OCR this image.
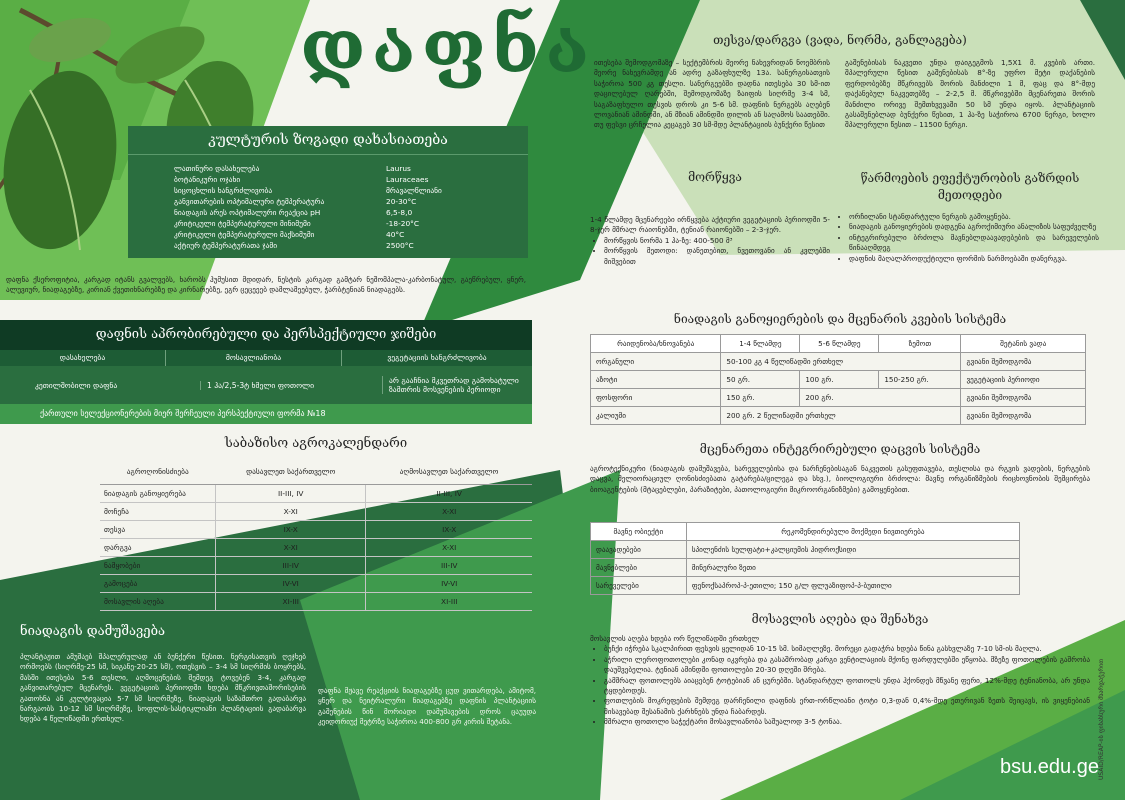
დაფნა
კულტურის ზოგადი დახასიათება
ლათინური დასახელება	Laurus
ბოტანიკური ოჯახი	Lauraceaes
სიცოცხლის ხანგრძლივობა	მრავალწლიანი
განვითარების ოპტიმალური ტემპერატურა	20-30°C
ნიადაგის არეს ოპტიმალური რეაქცია pH	6,5-8,0
კრიტიკული ტემპერატურული მინიმუმი	-18-20°C
კრიტიკული ტემპერატურული მაქსიმუმი	40°C
აქტიურ ტემპერატურათა ჯამი	2500°C
დაფნა ქსეროფიტია, კარგად იტანს გვალვებს, ხარობს ჰუმუსით მდიდარ, ნესტის კარგად გამტარ ნეშომპალა-კარბონატულ, გაეწრებულ, ყნერ, ალუვიურ, ნიადაგებზე, კირიან ქვეთიხნარებზე და კირნარებზე, ეგრ ცეცეეებ დამლამეებულ, ჭარბტენიან ნიადაგებს.
დაფნის აპრობირებული და პერსპექტიული ჯიშები
დასახელება	მოსავლიანობა	ვეგეტაციის ხანგრძლივობა
კეთილშობილი დაფნა	1 ჰა/2,5-3ტ ხმელი ფოთოლი	არ გააჩნია მკვეთრად გამოხატული ზამთრის მოსვენების პერიოდი
ქართული სელექციონერების მიერ შერჩეული პერსპექტიული ფორმა №18
საბაზისო აგროკალენდარი
აგროღონისძიება	დასავლეთ საქართველო	აღმოსავლეთ საქართველო
ნიადაგის განოყიერება	II-III, IV	II-III, IV
მოჩეჩა	X-XI	X-XI
თესვა	IX-X	IX-X
დარგვა	X-XI	X-XI
ნამყობები	III-IV	III-IV
გამოცება	IV-VI	IV-VI
მოსავლის აღება	XI-III	XI-III
ნიადაგის დამუშავება
პლანტაჟით ამუშაებ შპალერულად ან ბუნქერი წესით. ნერგისათვის ღეჯხებ ორმოებს (სიღრმე-25 სმ, სიგანე-20-25 სმ), ოთესვის – 3-4 სმ სიღრმის ბოყრებს, მასში ითესება 5-6 თესლი, აღმოცენების შემდეგ ტოვებენ 3-4, კარგად განვითარებულ მცენარეს. ვეგეტაციის პერიოდში ხდება მწკრივთაშორისების გათოხნა ან კულტივაცია 5-7 სმ სიღრმეზე. ნიადაგის საზამთრო გადაბარვა ნარგაობს 10-12 სმ სიღრმეზე, სოფლის-სასტიკლიანი პლანტაციის გადაბარვა ხდება 4 წელიწადში ერთხელ.
დაფნა მჟავე რეაქციის ნიადაგებზე ცუდ ვითარდება, ამიტომ, ყნერ და ნეიტრალური ნიადაგებზე დაფნის პლანტაციის გაშენების წინ მორიადი დამუშავების დროს ცაუუდა კეიდორიუქ მეტრზე საჭიროა 400-800 გრ კირის შეტანა.
თესვა/დარგვა (ვადა, ნორმა, განლაგება)
ითესება შემოდგომაზე – სექტემბრის მეორე ნახევრიდან ნოემბრის მეორე ნახევრამდე ან ადრე გაზაფხულზე 13ა. სანერგისათვის საჭიროა 500 კგ თესლი. სანერგეებში დადნა ითესება 30 სმ-ით დაცილებულ ღარებში, შემოდგომაზე ზაიფის სიღრმე 3-4 სმ, საგაზაფხულო თესვის დროს კი 5-6 სმ. დაფნის ნერგებს აღებენ ლოვანიან ამინდში, ან მზიან ამინდში დილის ან საღამოს საათებში. თუ ფესვი ცრჩელია კეცაგებ 30 სმ-მდე პლანტაციის ბუნქერი წესით
გაშენებისას ნაკვეთი უნდა დაიგეგმოს 1,5X1 მ. კვების ართი. შპალერული წესით გაშენებისას 8°-ზე უფრო მეტი დაქანების ფერდობებზე მწკრივებს შორის მანძილი 1 მ, ფაც და 8°-მდე დაქანებულ ნაკვეთებზე – 2-2,5 მ. მწკრივებში მცენარეთა შორის მანძილი ორივე შემთხვევაში 50 სმ უნდა იყოს. პლანტაციის გასაშენებლად ბუნქერი წესით, 1 ჰა-ზე საჭიროა 6700 ნერგი, ხოლო შპალერული წესით – 11500 ნერგი.
მორწყვა
1-4 წლამდე მცენარეები ირწყვება აქტიური ვეგეტაციის პერიოდში 5-8-ჯერ მშრალ რაიონებში, ტენიან რაიონებში – 2-3-ჯერ.
• მორწყვის ნორმა 1 ჰა-ზე: 400-500 მ³
• მორწყვის მეთოდი: დანეთებით, ნვეთოვანი ან კვლებში მიშვებით
წარმოების ეფექტურობის გაზრდის მეთოდები
• ორჩილანი სტანდარტული ნერგის გამოყენება.
• ნიადაგის განოყიერების დადგენა აგროქიმიური ანალიზის საფუძველზე
• ინტეგრირებული ბრძოლა მავნებლდაავადებების და სარეველების წინააღმდეგ
• დაფნის მაღალპროდუქტიული ფორმის ნარმოებაში დანერგვა.
ნიადაგის განოყიერების და მცენარის კვების სისტემა
რაიდენობა/ხნოვანება	1-4 წლამდე	5-6 წლამდე	ზემოთ	შეტანის ვადა
ორგანული	50-100 კგ 4 წელიწადში ერთხელ			გვიანი შემოდგომა
აზოტი	50 გრ.	100 გრ.	150-250 გრ.	ვეგეტაციის პერიოდი
ფოსფორი	150 გრ.	200 გრ.		გვიანი შემოდგომა
კალიუმი	200 გრ. 2 წელიწადში ერთხელ			გვიანი შემოდგომა
მცენარეთა ინტეგრირებული დაცვის სისტემა
აგროტექნიკური (ნიადაგის დამუშავება, სარეველებისა და ნარჩენებისაგან ნაკვეთის გასუფთავება, თესლისა და რგვის ვადების, ნერგების დაცვა, მელიორაციულ ღონისძიებათა გატარება/ცილეგა და სხვ.), ბიოლოგიური ბრძოლა: მავნე ორგანიზმების რიცხოვნობის შემცირება ბიოაგენტების (მტაცებლები, პარაზიტები, პათოლოგიური მიკროორგანიზმები) გამოყენებით.
მავნე ობიექტი	რეკომენდირებული მოქმედი ნივთიერება
დაავადებები	სპილენძის სულფატი+კალციუმის ჰიდროქსიდი
მავნებლები	მინერალური ზეთი
სარეველები	ფენოქსაპროპ-პ-ეთილი; 150 გ/ლ ფლუაზიფოპ-პ-ბუთილი
მოსავლის აღება და შენახვა
მოსავლის აღება ხდება ორ წელიწადში ერთხელ
• ბუჩქი იჭრება სკალპირით ფესვის ყელიდან 10-15 სმ. სიმაღლეზე. მორეცი გადაჭრა ხდება წინა გასხვლაზე 7-10 სმ-ის მაღლა.
• აჭრილი ლეროფოთოლები კონად იკვრება და გასაშრობად კარგი ვენტილაციის მქონე ფარდულებში ეწყობა. მზეზე ფოთოლების გაშრობა დაუშვებელია. ტენიან ამინდში ფოთოლები 20-30 დღეში შრება.
• გამშრალ ფოთოლებს აიაცებენ ტოტებიან ან ცურებში. სტანდარტულ ფოთოლს უნდა ჰქონდეს მწვანე ფერი, 12%-მდე ტენიანობა, არ უნდა ტყდებოდეს.
• ფოთლების მოკრეფების შემდეგ დარჩენილი დაფნის ერთ-ორწლიანი ტოტი 0,3-დან 0,4%-მდე ეთერივან ზეთს შეიცავს, ის ვიყენებიან შისავებად შესანამის ქარხნებს უნდა ჩაბარდეს.
• მშრალი ფოთოლი საჭექტარი მოსავლიანობა საშუალოდ 3-5 ტონაა.	USAID/REAP-ის ფინანსური მხარდაჭერით
bsu.edu.ge
